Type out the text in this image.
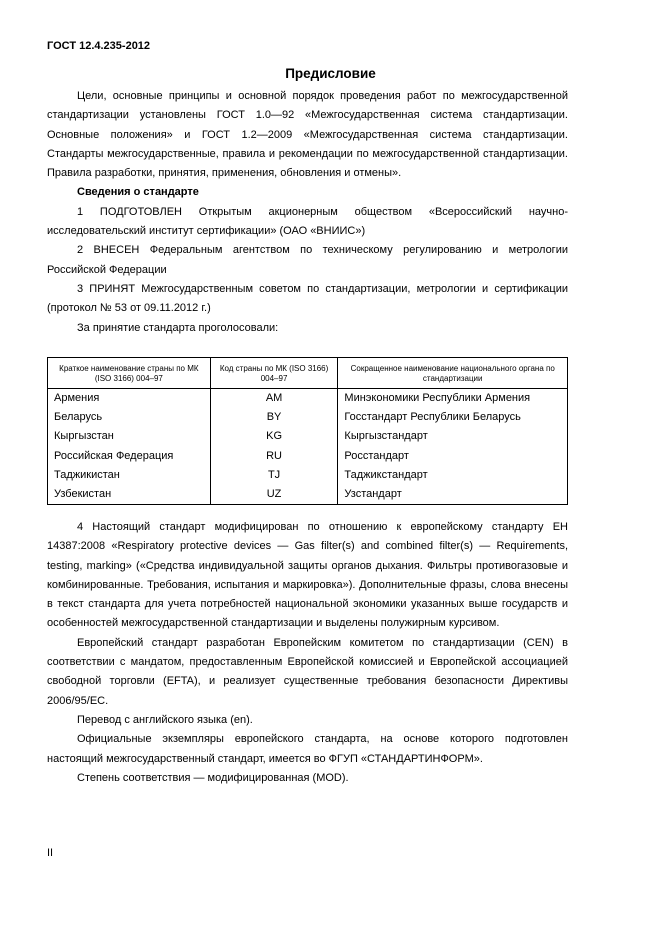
ГОСТ 12.4.235-2012
Предисловие

Цели, основные принципы и основной порядок проведения работ по межгосударственной стандартизации установлены ГОСТ 1.0—92 «Межгосударственная система стандартизации. Основные положения» и ГОСТ 1.2—2009 «Межгосударственная система стандартизации. Стандарты межгосударственные, правила и рекомендации по межгосударственной стандартизации. Правила разработки, принятия, применения, обновления и отмены».

Сведения о стандарте

1 ПОДГОТОВЛЕН Открытым акционерным обществом «Всероссийский научно-исследовательский институт сертификации» (ОАО «ВНИИС»)

2 ВНЕСЕН Федеральным агентством по техническому регулированию и метрологии Российской Федерации

3 ПРИНЯТ Межгосударственным советом по стандартизации, метрологии и сертификации (протокол № 53 от 09.11.2012 г.)

За принятие стандарта проголосовали:

Краткое наименование страны по МК (ISO 3166) 004–97	Код страны по МК (ISO 3166) 004–97	Сокращенное наименование национального органа по стандартизации
Армения	AM	Минэкономики Республики Армения
Беларусь	BY	Госстандарт Республики Беларусь
Кыргызстан	KG	Кыргызстандарт
Российская Федерация	RU	Росстандарт
Таджикистан	TJ	Таджикстандарт
Узбекистан	UZ	Узстандарт

4 Настоящий стандарт модифицирован по отношению к европейскому стандарту ЕН 14387:2008 «Respiratory protective devices — Gas filter(s) and combined filter(s) — Requirements, testing, marking» («Средства индивидуальной защиты органов дыхания. Фильтры противогазовые и комбинированные. Требования, испытания и маркировка»). Дополнительные фразы, слова внесены в текст стандарта для учета потребностей национальной экономики указанных выше государств и особенностей межгосударственной стандартизации и выделены полужирным курсивом.

Европейский стандарт разработан Европейским комитетом по стандартизации (CEN) в соответствии с мандатом, предоставленным Европейской комиссией и Европейской ассоциацией свободной торговли (EFTA), и реализует существенные требования безопасности Директивы 2006/95/ЕС.

Перевод с английского языка (en).

Официальные экземпляры европейского стандарта, на основе которого подготовлен настоящий межгосударственный стандарт, имеется во ФГУП «СТАНДАРТИНФОРМ».

Степень соответствия — модифицированная (MOD).

II
